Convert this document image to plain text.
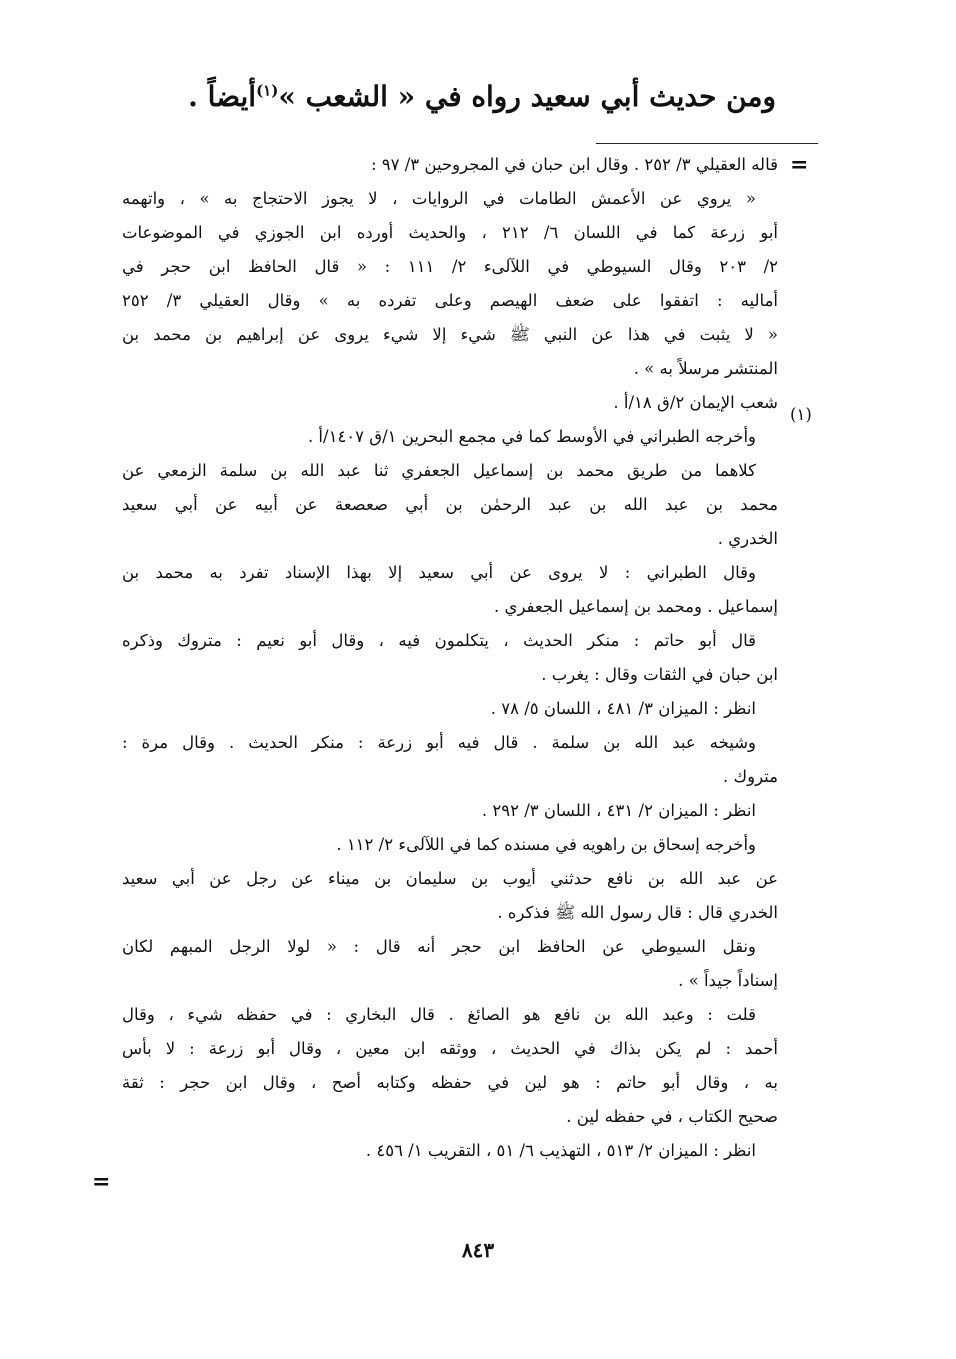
ومن حديث أبي سعيد رواه في « الشعب »$^{(١)}$أيضاً .
=
(١)
قاله العقيلي ٣/ ٢٥٢ . وقال ابن حبان في المجروحين ٣/ ٩٧ :
« يروي عن الأعمش الطامات في الروايات ، لا يجوز الاحتجاج به » ، واتهمه
أبو زرعة كما في اللسان ٦/ ٢١٢ ، والحديث أورده ابن الجوزي في الموضوعات
٢/ ٢٠٣ وقال السيوطي في اللآلىء ٢/ ١١١ : « قال الحافظ ابن حجر في
أماليه : اتفقوا على ضعف الهيصم وعلى تفرده به » وقال العقيلي ٣/ ٢٥٢
« لا يثبت في هذا عن النبي ﷺ شيء إلا شيء يروى عن إبراهيم بن محمد بن
المنتشر مرسلاً به » .
شعب الإيمان ٢/ق ١٨/أ .
وأخرجه الطبراني في الأوسط كما في مجمع البحرين ١/ق ١٤٠٧/أ .
كلاهما من طريق محمد بن إسماعيل الجعفري ثنا عبد الله بن سلمة الزمعي عن
محمد بن عبد الله بن عبد الرحمٰن بن أبي صعصعة عن أبيه عن أبي سعيد
الخدري .
وقال الطبراني : لا يروى عن أبي سعيد إلا بهذا الإسناد تفرد به محمد بن
إسماعيل . ومحمد بن إسماعيل الجعفري .
قال أبو حاتم : منكر الحديث ، يتكلمون فيه ، وقال أبو نعيم : متروك وذكره
ابن حبان في الثقات وقال : يغرب .
انظر : الميزان ٣/ ٤٨١ ، اللسان ٥/ ٧٨ .
وشيخه عبد الله بن سلمة . قال فيه أبو زرعة : منكر الحديث . وقال مرة :
متروك .
انظر : الميزان ٢/ ٤٣١ ، اللسان ٣/ ٢٩٢ .
وأخرجه إسحاق بن راهويه في مسنده كما في اللآلىء ٢/ ١١٢ .
عن عبد الله بن نافع حدثني أيوب بن سليمان بن ميناء عن رجل عن أبي سعيد
الخدري قال : قال رسول الله ﷺ فذكره .
ونقل السيوطي عن الحافظ ابن حجر أنه قال : « لولا الرجل المبهم لكان
إسناداً جيداً » .
قلت : وعبد الله بن نافع هو الصائغ . قال البخاري : في حفظه شيء ، وقال
أحمد : لم يكن بذاك في الحديث ، ووثقه ابن معين ، وقال أبو زرعة : لا بأس
به ، وقال أبو حاتم : هو لين في حفظه وكتابه أصح ، وقال ابن حجر : ثقة
صحيح الكتاب ، في حفظه لين .
انظر : الميزان ٢/ ٥١٣ ، التهذيب ٦/ ٥١ ، التقريب ١/ ٤٥٦ .
=
٨٤٣
